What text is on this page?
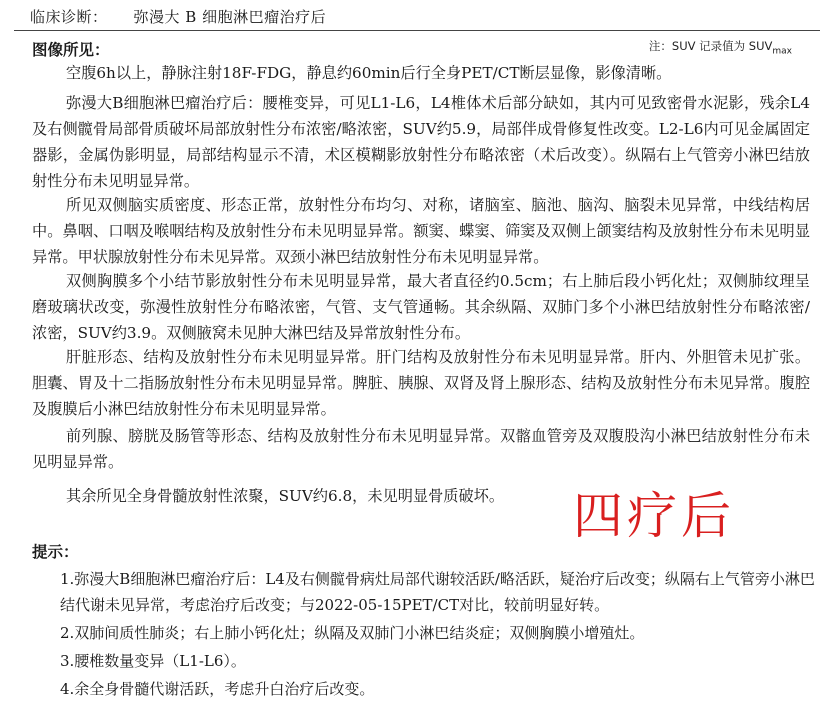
临床诊断： 弥漫大 B 细胞淋巴瘤治疗后
图像所见：	注：SUV 记录值为 $SUV_{max}$

空腹6h以上，静脉注射18F-FDG，静息约60min后行全身PET/CT断层显像，影像清晰。

弥漫大B细胞淋巴瘤治疗后：腰椎变异，可见L1-L6，L4椎体术后部分缺如，其内可见致密骨水泥影，残余L4及右侧髋骨局部骨质破坏局部放射性分布浓密/略浓密，SUV约5.9，局部伴成骨修复性改变。L2-L6内可见金属固定器影，金属伪影明显，局部结构显示不清，术区模糊影放射性分布略浓密（术后改变）。纵隔右上气管旁小淋巴结放射性分布未见明显异常。

所见双侧脑实质密度、形态正常，放射性分布均匀、对称，诸脑室、脑池、脑沟、脑裂未见异常，中线结构居中。鼻咽、口咽及喉咽结构及放射性分布未见明显异常。额窦、蝶窦、筛窦及双侧上颌窦结构及放射性分布未见明显异常。甲状腺放射性分布未见异常。双颈小淋巴结放射性分布未见明显异常。

双侧胸膜多个小结节影放射性分布未见明显异常，最大者直径约0.5cm；右上肺后段小钙化灶；双侧肺纹理呈磨玻璃状改变，弥漫性放射性分布略浓密，气管、支气管通畅。其余纵隔、双肺门多个小淋巴结放射性分布略浓密/浓密，SUV约3.9。双侧腋窝未见肿大淋巴结及异常放射性分布。

肝脏形态、结构及放射性分布未见明显异常。肝门结构及放射性分布未见明显异常。肝内、外胆管未见扩张。胆囊、胃及十二指肠放射性分布未见明显异常。脾脏、胰腺、双肾及肾上腺形态、结构及放射性分布未见异常。腹腔及腹膜后小淋巴结放射性分布未见明显异常。

前列腺、膀胱及肠管等形态、结构及放射性分布未见明显异常。双髂血管旁及双腹股沟小淋巴结放射性分布未见明显异常。

其余所见全身骨髓放射性浓聚，SUV约6.8，未见明显骨质破坏。	四疗后
提示：

1.弥漫大B细胞淋巴瘤治疗后：L4及右侧髋骨病灶局部代谢较活跃/略活跃，疑治疗后改变；纵隔右上气管旁小淋巴结代谢未见异常，考虑治疗后改变；与2022-05-15PET/CT对比，较前明显好转。

2.双肺间质性肺炎；右上肺小钙化灶；纵隔及双肺门小淋巴结炎症；双侧胸膜小增殖灶。

3.腰椎数量变异（L1-L6）。

4.余全身骨髓代谢活跃，考虑升白治疗后改变。
